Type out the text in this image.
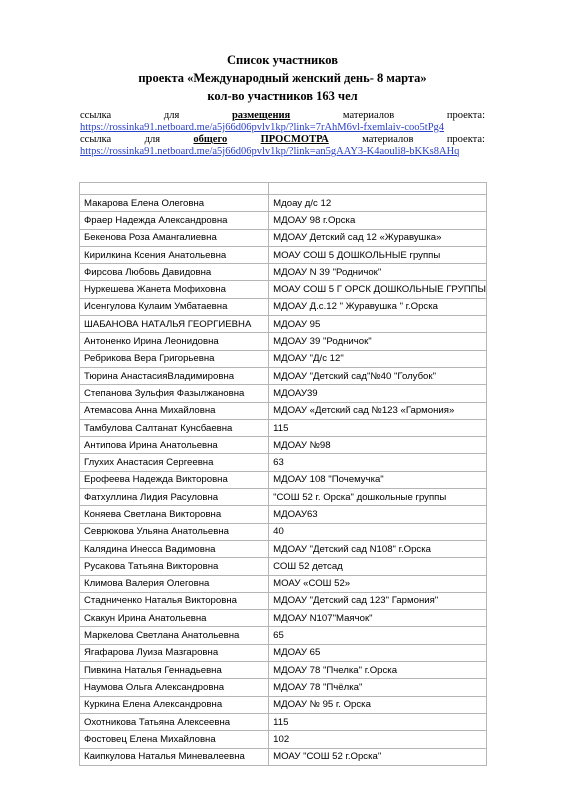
Список участников
проекта «Международный женский день- 8 марта»
кол-во участников 163 чел
ссылка	для	размещения	материалов	проекта:
https://rossinka91.netboard.me/a5j66d06pvlv1kp/?link=7rAhM6vl-fxemlaiv-coo5tPg4
ссылка	для	общего	ПРОСМОТРА	материалов	проекта:
https://rossinka91.netboard.me/a5j66d06pvlv1kp/?link=an5gAAY3-K4aouli8-bKKs8AHq

Макарова Елена Олеговна	Мдоау д/с 12
Фраер Надежда Александровна	МДОАУ 98 г.Орска
Бекенова Роза Амангалиевна	МДОАУ Детский сад 12 «Журавушка»
Кирилкина Ксения Анатольевна	МОАУ СОШ 5 ДОШКОЛЬНЫЕ группы
Фирсова Любовь Давидовна	МДОАУ N 39 "Родничок"
Нуркешева Жанета Мофиховна	МОАУ СОШ 5 Г ОРСК ДОШКОЛЬНЫЕ ГРУППЫ
Исенгулова Кулаим Умбатаевна	МДОАУ Д.с.12 " Журавушка " г.Орска
ШАБАНОВА НАТАЛЬЯ ГЕОРГИЕВНА	МДОАУ 95
Антоненко Ирина Леонидовна	МДОАУ 39 "Родничок"
Ребрикова Вера Григорьевна	МДОАУ "Д/с 12"
Тюрина АнастасияВладимировна	МДОАУ "Детский сад"№40 "Голубок"
Степанова Зульфия Фазылжановна	МДОАУ39
Атемасова Анна Михайловна	МДОАУ «Детский сад №123 «Гармония»
Тамбулова Салтанат Кунсбаевна	115
Антипова Ирина Анатольевна	МДОАУ №98
Глухих Анастасия Сергеевна	63
Ерофеева Надежда Викторовна	МДОАУ 108 "Почемучка"
Фатхуллина Лидия Расуловна	"СОШ 52 г. Орска" дошкольные группы
Коняева Светлана Викторовна	МДОАУ63
Севрюкова Ульяна Анатольевна	40
Калядина Инесса Вадимовна	МДОАУ "Детский сад N108" г.Орска
Русакова Татьяна Викторовна	СОШ 52 детсад
Климова Валерия Олеговна	МОАУ «СОШ 52»
Стадниченко Наталья Викторовна	МДОАУ "Детский сад 123" Гармония"
Скакун Ирина Анатольевна	МДОАУ N107"Маячок"
Маркелова Светлана Анатольевна	65
Ягафарова Луиза Мазгаровна	МДОАУ 65
Пивкина Наталья Геннадьевна	МДОАУ 78 "Пчелка" г.Орска
Наумова Ольга Александровна	МДОАУ 78 "Пчёлка"
Куркина Елена Александровна	МДОАУ № 95 г. Орска
Охотникова Татьяна Алексеевна	115
Фостовец Елена Михайловна	102
Каипкулова Наталья Миневалеевна	МОАУ "СОШ 52 г.Орска"
